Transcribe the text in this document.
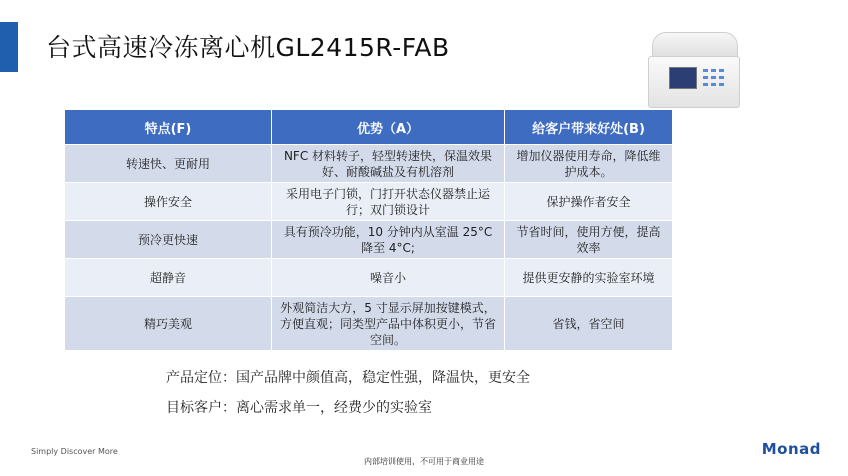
台式高速冷冻离心机GL2415R-FAB
特点(F)	优势（A）	给客户带来好处(B)
转速快、更耐用	NFC 材料转子，轻型转速快，保温效果好、耐酸碱盐及有机溶剂	增加仪器使用寿命，降低维护成本。
操作安全	采用电子门锁，门打开状态仪器禁止运行；双门锁设计	保护操作者安全
预冷更快速	具有预冷功能，10 分钟内从室温 25°C 降至 4°C;	节省时间，使用方便，提高效率
超静音	噪音小	提供更安静的实验室环境
精巧美观	外观简洁大方，5 寸显示屏加按键模式，方便直观；同类型产品中体积更小，节省空间。	省钱，省空间
产品定位：国产品牌中颜值高，稳定性强，降温快，更安全
目标客户：离心需求单一，经费少的实验室
Simply Discover More
内部培训使用，不可用于商业用途
Monad
